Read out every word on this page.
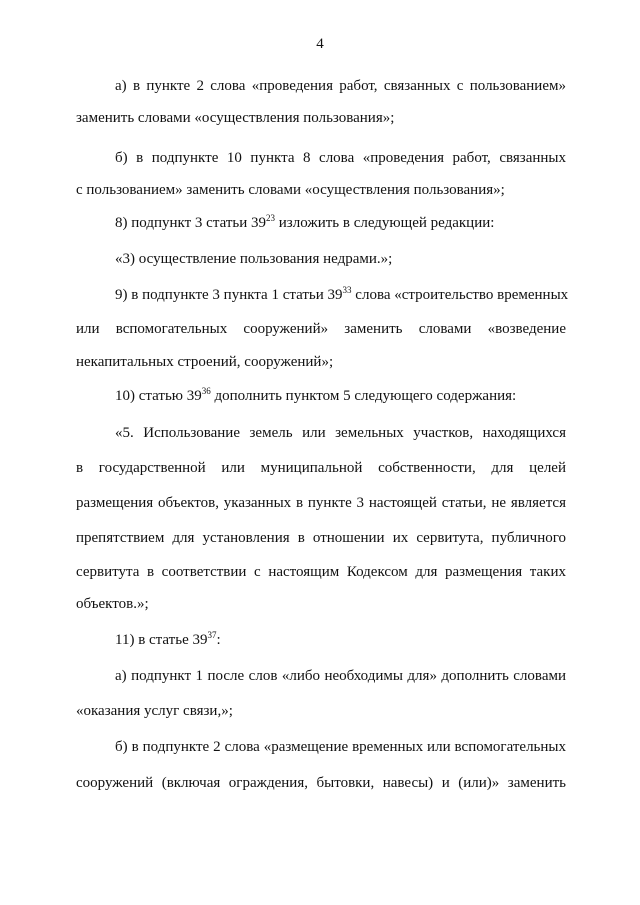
4
а) в пункте 2 слова «проведения работ, связанных с пользованием»
заменить словами «осуществления пользования»;
б) в подпункте 10 пункта 8 слова «проведения работ, связанных
с пользованием» заменить словами «осуществления пользования»;
8) подпункт 3 статьи $39^{23}$ изложить в следующей редакции:
«3) осуществление пользования недрами.»;
9) в подпункте 3 пункта 1 статьи $39^{33}$ слова «строительство временных
или вспомогательных сооружений» заменить словами «возведение
некапитальных строений, сооружений»;
10) статью $39^{36}$ дополнить пунктом 5 следующего содержания:
«5. Использование земель или земельных участков, находящихся
в государственной или муниципальной собственности, для целей
размещения объектов, указанных в пункте 3 настоящей статьи, не является
препятствием для установления в отношении их сервитута, публичного
сервитута в соответствии с настоящим Кодексом для размещения таких
объектов.»;
11) в статье $39^{37}$:
а) подпункт 1 после слов «либо необходимы для» дополнить словами
«оказания услуг связи,»;
б) в подпункте 2 слова «размещение временных или вспомогательных
сооружений (включая ограждения, бытовки, навесы) и (или)» заменить
